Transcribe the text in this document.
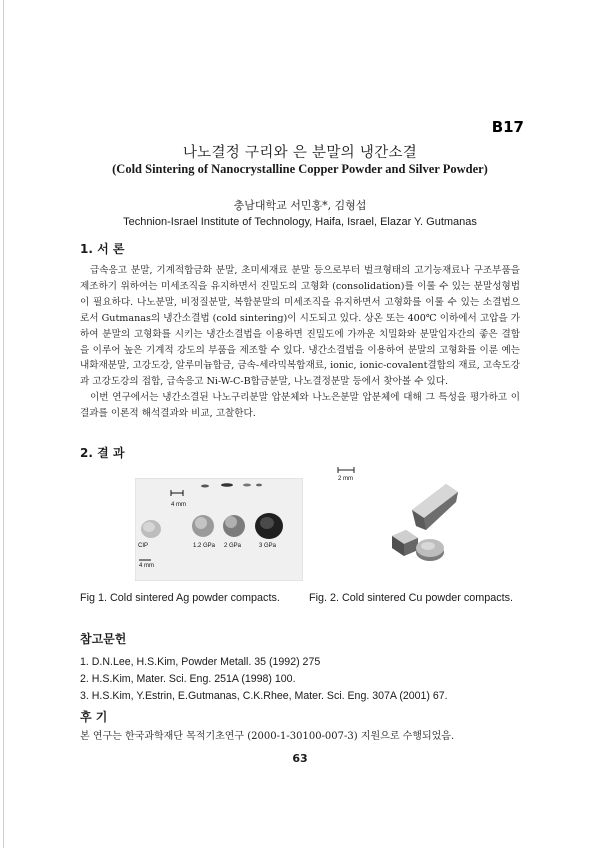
B17
나노결정 구리와 은 분말의 냉간소결
(Cold Sintering of Nanocrystalline Copper Powder and Silver Powder)
충남대학교 서민홍*, 김형섭
Technion-Israel Institute of Technology, Haifa, Israel, Elazar Y. Gutmanas
1. 서 론

급속응고 분말, 기계적합금화 분말, 초미세재료 분말 등으로부터 벌크형태의 고기능재료나 구조부품을 제조하기 위하여는 미세조직을 유지하면서 진밀도의 고형화 (consolidation)를 이룰 수 있는 분말성형법이 필요하다. 나노분말, 비정질분말, 복합분말의 미세조직을 유지하면서 고형화를 이룰 수 있는 소결법으로서 Gutmanas의 냉간소결법 (cold sintering)이 시도되고 있다. 상온 또는 400℃ 이하에서 고압을 가하여 분말의 고형화를 시키는 냉간소결법을 이용하면 진밀도에 가까운 치밀화와 분말입자간의 좋은 결합을 이루어 높은 기계적 강도의 부품을 제조할 수 있다. 냉간소결법을 이용하여 분말의 고형화를 이룬 예는 내화재분말, 고강도강, 알루미늄합금, 금속-세라믹복합재료, ionic, ionic-covalent결합의 재료, 고속도강과 고강도강의 접합, 급속응고 Ni-W-C-B합금분말, 나노결정분말 등에서 찾아볼 수 있다.

이번 연구에서는 냉간소결된 나노구리분말 압분체와 나노은분말 압분체에 대해 그 특성을 평가하고 이 결과를 이론적 해석결과와 비교, 고찰한다.

2. 결 과
4 mm
CIP	1.2 GPa 2 GPa	3 GPa
4 mm
2 mm
Fig 1. Cold sintered Ag powder compacts.	Fig. 2. Cold sintered Cu powder compacts.
참고문헌
1. D.N.Lee, H.S.Kim, Powder Metall. 35 (1992) 275
2. H.S.Kim, Mater. Sci. Eng. 251A (1998) 100.
3. H.S.Kim, Y.Estrin, E.Gutmanas, C.K.Rhee, Mater. Sci. Eng. 307A (2001) 67.
후 기
본 연구는 한국과학재단 목적기초연구 (2000-1-30100-007-3) 지원으로 수행되었음.
63
